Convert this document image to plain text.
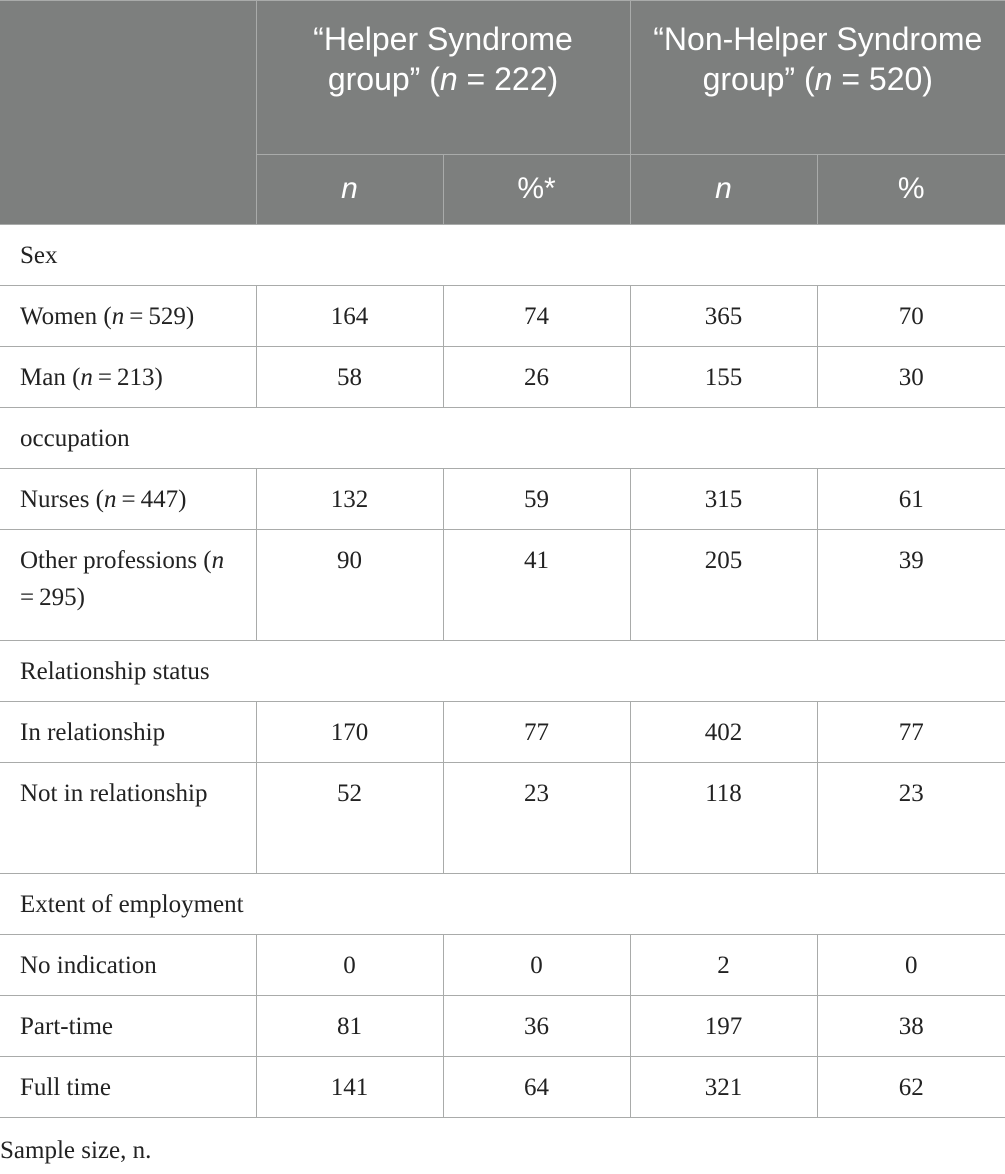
	“Helper Syndrome group” (n = 222)		“Non-Helper Syndrome group” (n = 520)	
	n	%*	n	%
Sex				
Women (n = 529)	164	74	365	70
Man (n = 213)	58	26	155	30
occupation				
Nurses (n = 447)	132	59	315	61
Other professions (n = 295)	90	41	205	39
Relationship status				
In relationship	170	77	402	77
Not in relationship	52	23	118	23
Extent of employment				
No indication	0	0	2	0
Part-time	81	36	197	38
Full time	141	64	321	62
Sample size, n.
